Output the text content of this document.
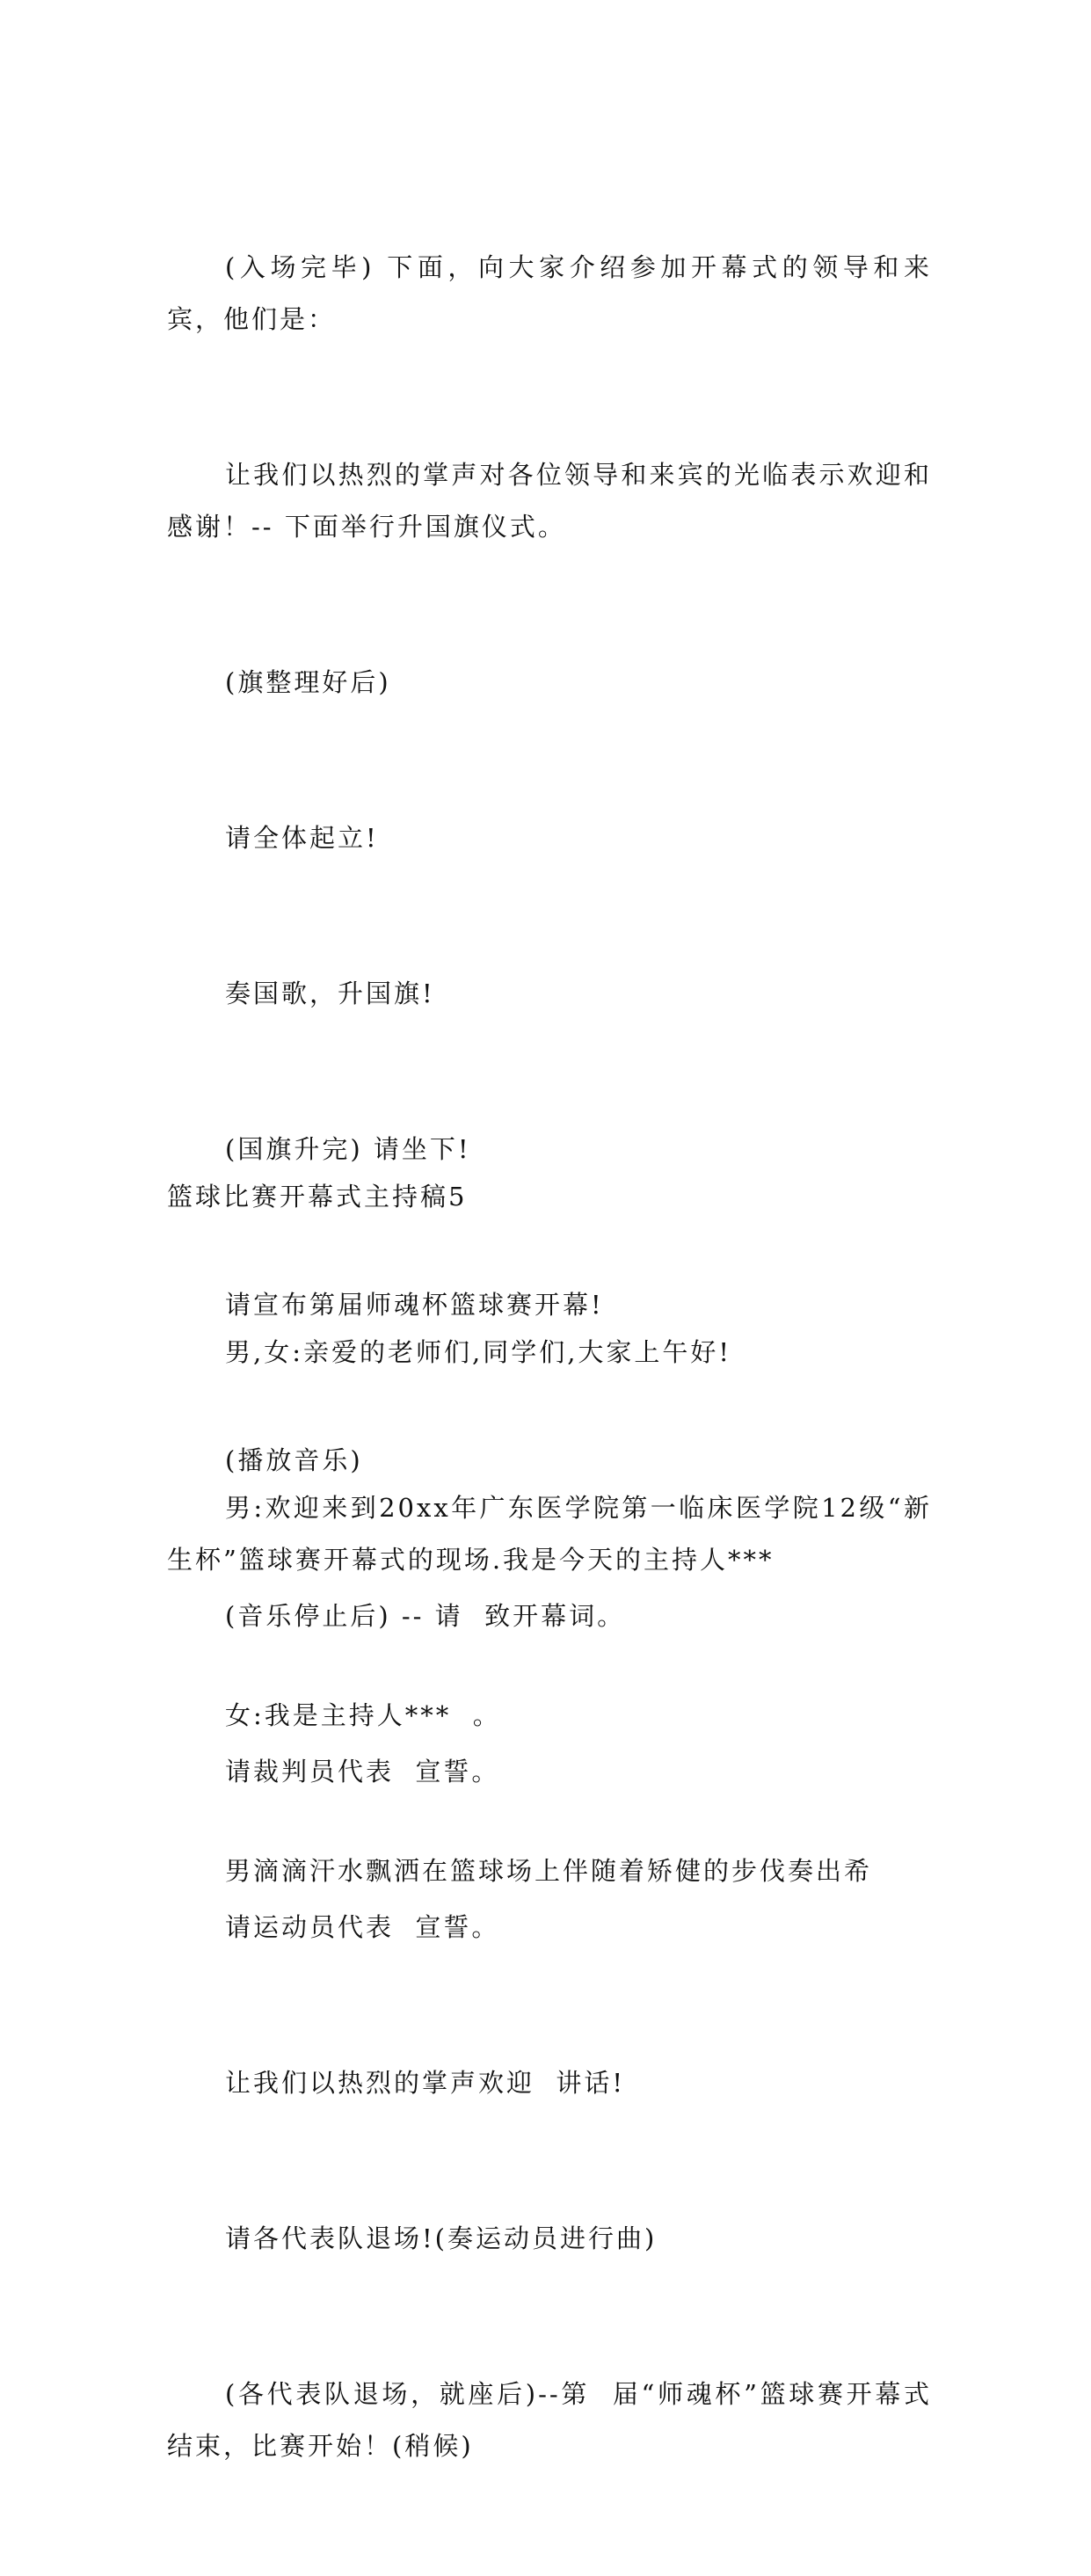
(入场完毕) 下面，向大家介绍参加开幕式的领导和来宾，他们是：

让我们以热烈的掌声对各位领导和来宾的光临表示欢迎和感谢！-- 下面举行升国旗仪式。

(旗整理好后)

请全体起立!

奏国歌，升国旗!

(国旗升完) 请坐下!

请宣布第届师魂杯篮球赛开幕!

(播放音乐)

(音乐停止后) -- 请  致开幕词。

请裁判员代表  宣誓。

请运动员代表  宣誓。

让我们以热烈的掌声欢迎  讲话!

请各代表队退场!(奏运动员进行曲)

(各代表队退场，就座后)--第  届“师魂杯”篮球赛开幕式结束，比赛开始！(稍候)

篮球比赛开幕式主持稿5

男,女:亲爱的老师们,同学们,大家上午好!

男:欢迎来到20xx年广东医学院第一临床医学院12级“新生杯”篮球赛开幕式的现场.我是今天的主持人***

女:我是主持人***  。

男滴滴汗水飘洒在篮球场上伴随着矫健的步伐奏出希
